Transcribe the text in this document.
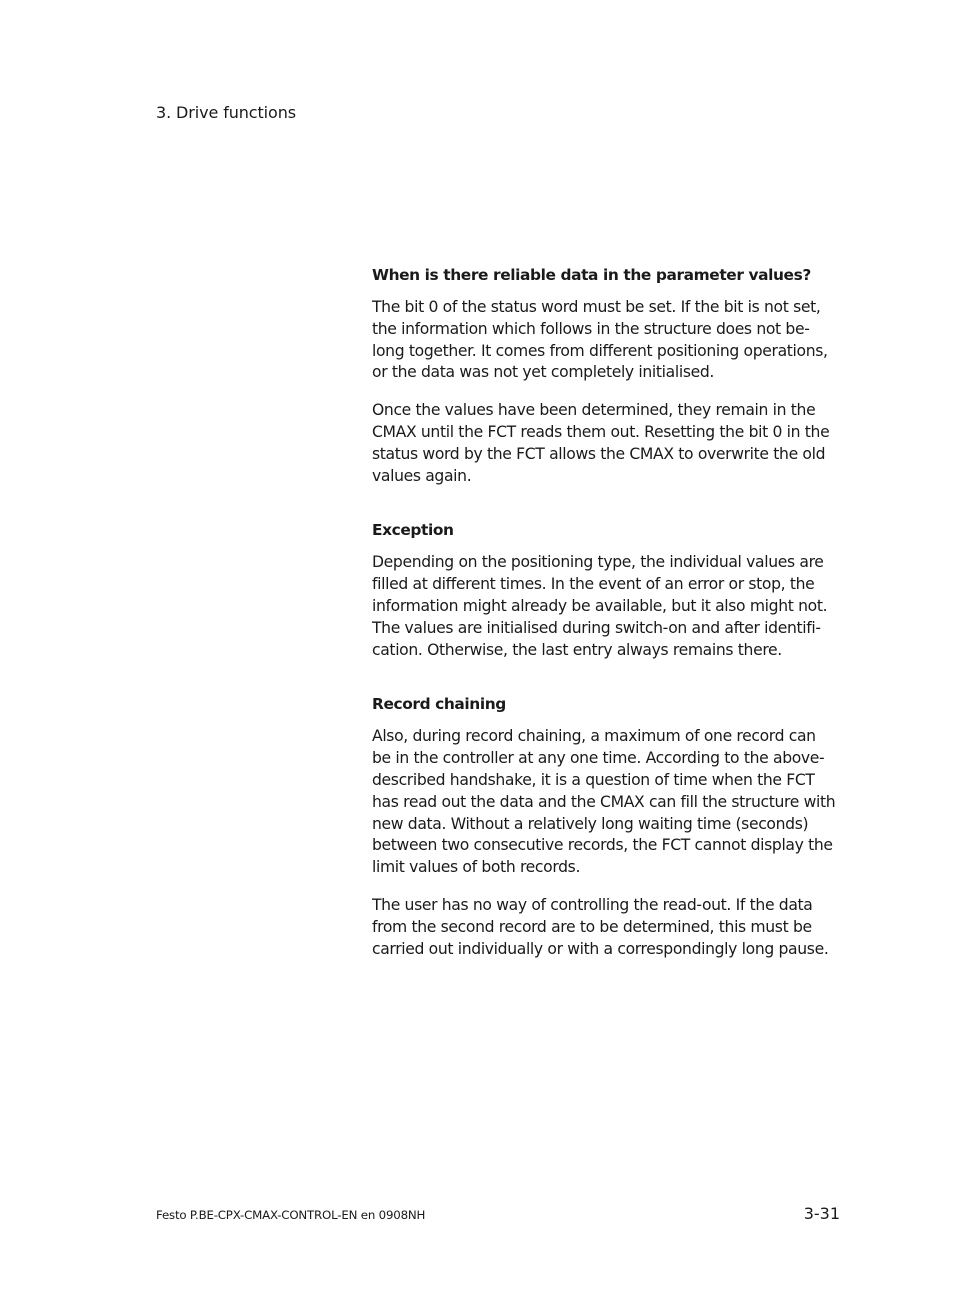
3. Drive functions
When is there reliable data in the parameter values?
The bit 0 of the status word must be set. If the bit is not set,
the information which follows in the structure does not be-
long together. It comes from different positioning operations,
or the data was not yet completely initialised.
Once the values have been determined, they remain in the
CMAX until the FCT reads them out. Resetting the bit 0 in the
status word by the FCT allows the CMAX to overwrite the old
values again.
Exception
Depending on the positioning type, the individual values are
filled at different times. In the event of an error or stop, the
information might already be available, but it also might not.
The values are initialised during switch-on and after identifi-
cation. Otherwise, the last entry always remains there.
Record chaining
Also, during record chaining, a maximum of one record can
be in the controller at any one time. According to the above-
described handshake, it is a question of time when the FCT
has read out the data and the CMAX can fill the structure with
new data. Without a relatively long waiting time (seconds)
between two consecutive records, the FCT cannot display the
limit values of both records.
The user has no way of controlling the read-out. If the data
from the second record are to be determined, this must be
carried out individually or with a correspondingly long pause.
Festo P.BE-CPX-CMAX-CONTROL-EN en 0908NH	3-31
